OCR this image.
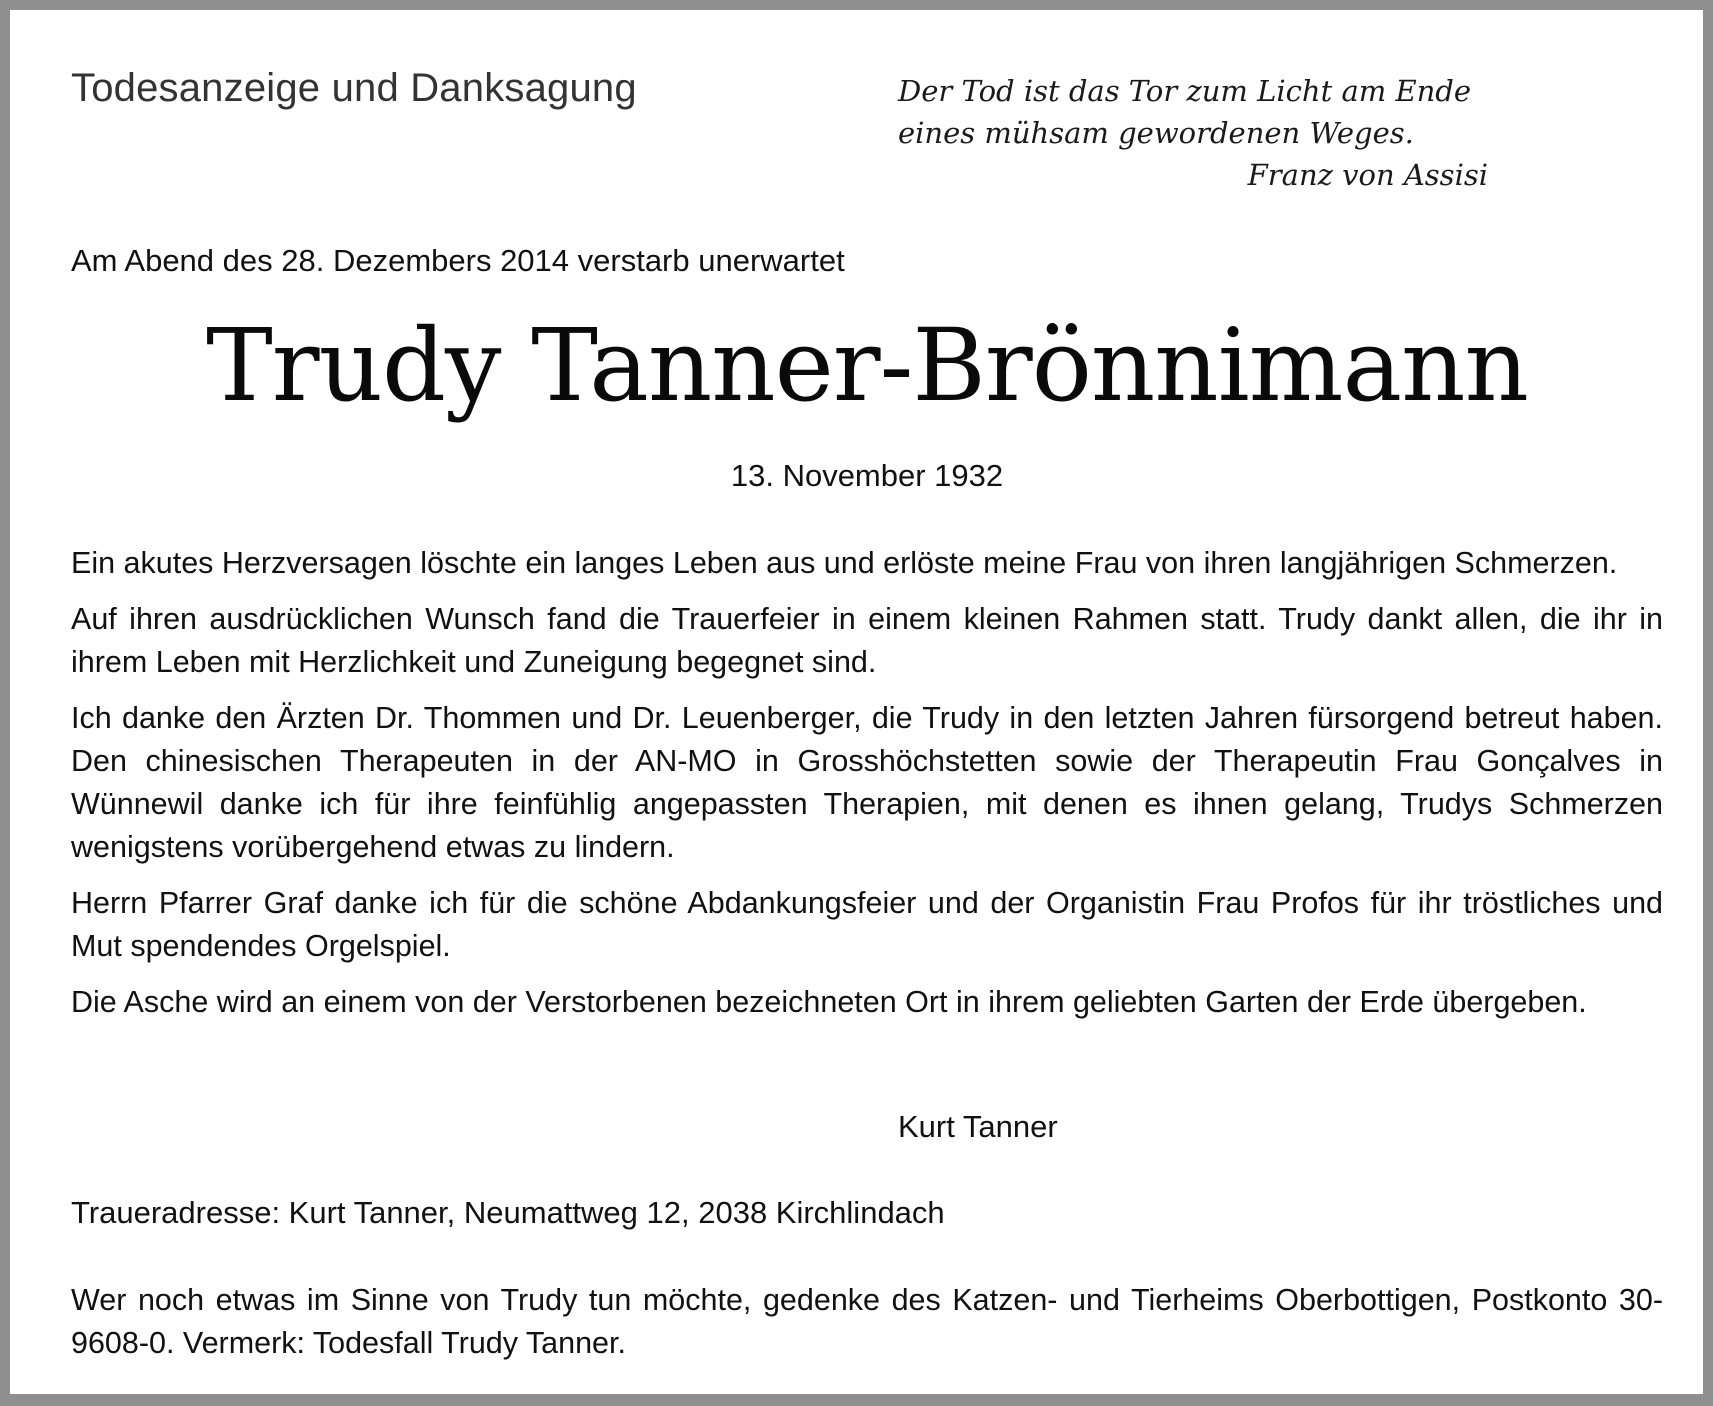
Todesanzeige und Danksagung	Der Tod ist das Tor zum Licht am Ende
eines mühsam gewordenen Weges.
Franz von Assisi
Am Abend des 28. Dezembers 2014 verstarb unerwartet
Trudy Tanner-Brönnimann
13. November 1932

Ein akutes Herzversagen löschte ein langes Leben aus und erlöste meine Frau von ihren langjährigen Schmerzen.

Auf ihren ausdrücklichen Wunsch fand die Trauerfeier in einem kleinen Rahmen statt. Trudy dankt allen, die ihr in ihrem Leben mit Herzlichkeit und Zuneigung begegnet sind.

Ich danke den Ärzten Dr. Thommen und Dr. Leuenberger, die Trudy in den letzten Jahren fürsorgend betreut haben. Den chinesischen Therapeuten in der AN-MO in Grosshöchstetten sowie der Therapeutin Frau Gonçalves in Wünnewil danke ich für ihre feinfühlig angepassten Therapien, mit denen es ihnen gelang, Trudys Schmerzen wenigstens vorübergehend etwas zu lindern.

Herrn Pfarrer Graf danke ich für die schöne Abdankungsfeier und der Organistin Frau Profos für ihr tröstliches und Mut spendendes Orgelspiel.

Die Asche wird an einem von der Verstorbenen bezeichneten Ort in ihrem geliebten Garten der Erde übergeben.

Kurt Tanner
Traueradresse: Kurt Tanner, Neumattweg 12, 2038 Kirchlindach

Wer noch etwas im Sinne von Trudy tun möchte, gedenke des Katzen- und Tierheims Oberbottigen, Postkonto 30-9608-0. Vermerk: Todesfall Trudy Tanner.
